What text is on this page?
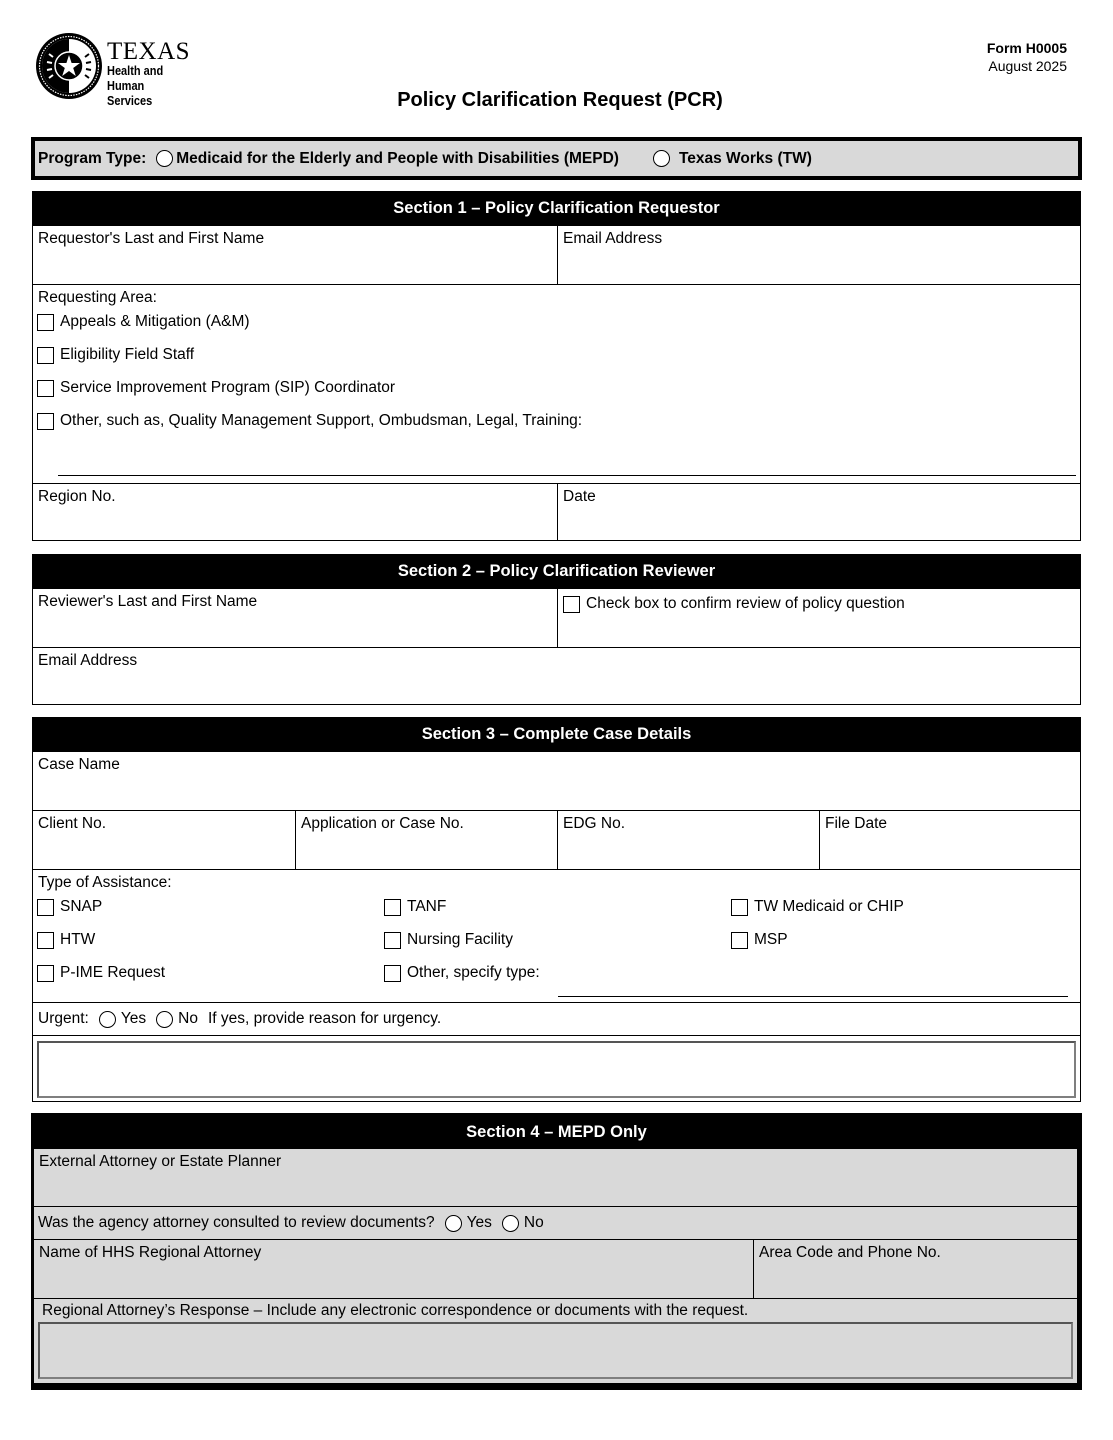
TEXAS
Health and Human
Services
Form H0005
August 2025
Policy Clarification Request (PCR)
Program Type: Medicaid for the Elderly and People with Disabilities (MEPD)	Texas Works (TW)
Section 1 – Policy Clarification Requestor
Requestor's Last and First Name	Email Address
Requesting Area:
Appeals & Mitigation (A&M)
Eligibility Field Staff
Service Improvement Program (SIP) Coordinator
Other, such as, Quality Management Support, Ombudsman, Legal, Training:
Region No.	Date
Section 2 – Policy Clarification Reviewer
Reviewer's Last and First Name	Check box to confirm review of policy question
Email Address
Section 3 – Complete Case Details
Case Name
Client No.	Application or Case No.	EDG No.	File Date
Type of Assistance:
SNAP	TANF	TW Medicaid or CHIP
HTW	Nursing Facility	MSP
P-IME Request	Other, specify type:
Urgent: Yes No If yes, provide reason for urgency.
Section 4 – MEPD Only
External Attorney or Estate Planner
Was the agency attorney consulted to review documents? Yes No
Name of HHS Regional Attorney	Area Code and Phone No.
Regional Attorney’s Response – Include any electronic correspondence or documents with the request.
